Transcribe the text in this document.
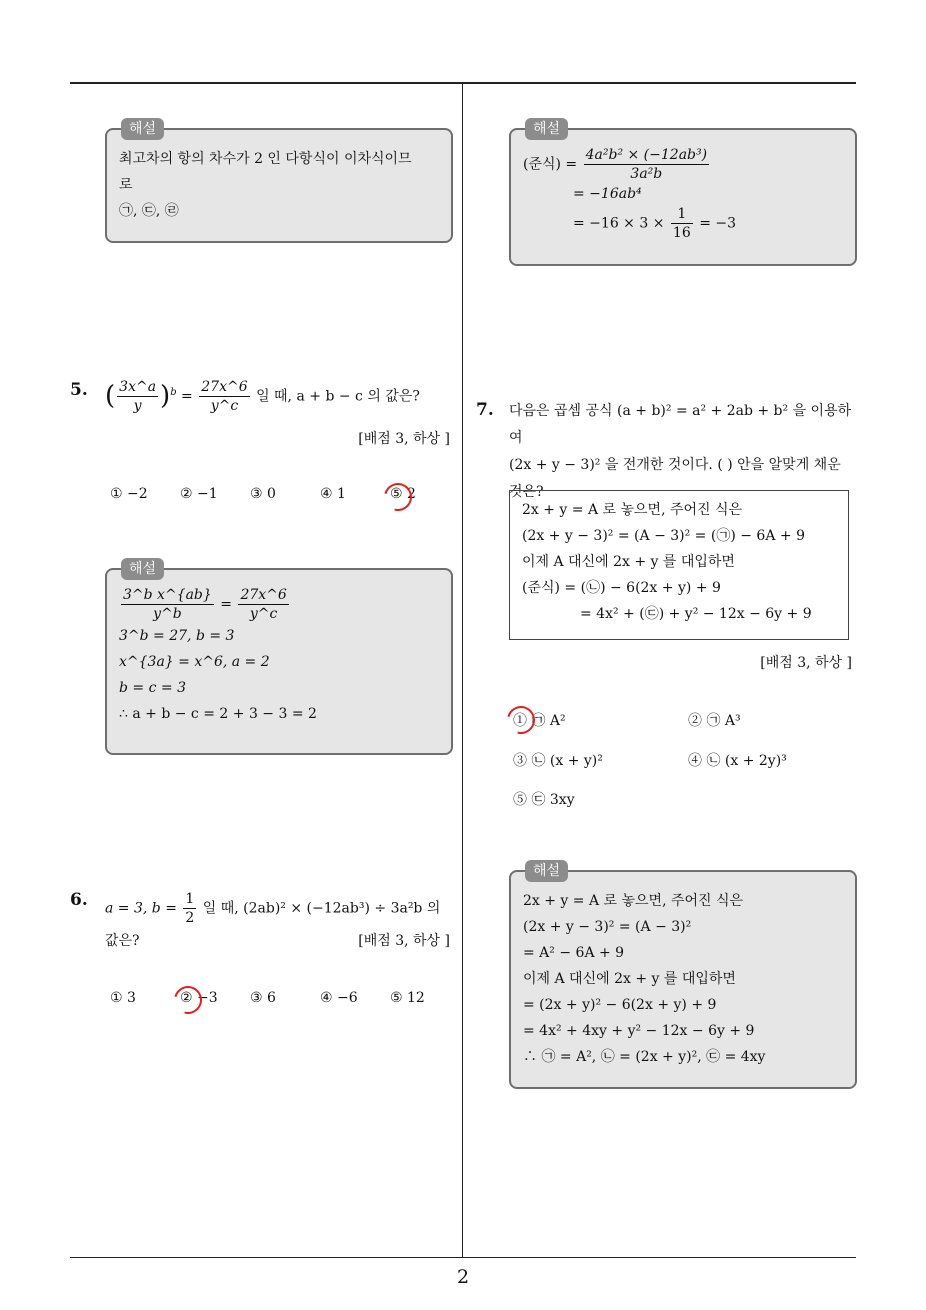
2
해설
최고차의 항의 차수가 2 인 다항식이 이차식이므
로
㉠, ㉢, ㉣
5. ( $\frac{3x\^{}a}{y} )^b = \frac{27x\^{}6}{y\^{}c}$ 일 때, a + b − c 의 값은?
[배점 3, 하상 ]
① −2 ② −1 ③ 0	④ 1	⑤ 2
해설
$\frac{\text{3\textasciicircum{}b x\textasciicircum{}\{ab\}}}{y\^{}b} = \frac{27x\^{}6}{y\^{}c}$
3^b = 27, b = 3
x^{3a} = x^6, a = 2
b = c = 3
∴ a + b − c = 2 + 3 − 3 = 2
6. a = 3, $b = \frac{1}{2}$ 일 때, (2ab)² × (−12ab³) ÷ 3a²b 의
값은?	[배점 3, 하상 ]
① 3	② −3 ③ 6	④ −6 ⑤ 12
해설
(준식) = $\frac{\text{4a²b² × (−12ab³)}}{\text{3a²b}}$
= −16ab⁴
= $-16 \times 3 \times \frac{1}{16} = -3$
7. 다음은 곱셈 공식 (a + b)² = a² + 2ab + b² 을 이용하여
(2x + y − 3)² 을 전개한 것이다. ( ) 안을 알맞게 채운
것은?
2x + y = A 로 놓으면, 주어진 식은
(2x + y − 3)² = (A − 3)² = (㉠) − 6A + 9
이제 A 대신에 2x + y 를 대입하면
(준식) = (㉡) − 6(2x + y) + 9
= 4x² + (㉢) + y² − 12x − 6y + 9
[배점 3, 하상 ]
① ㉠ A²	② ㉠ A³
③ ㉡ (x + y)²	④ ㉡ (x + 2y)³
⑤ ㉢ 3xy
해설
2x + y = A 로 놓으면, 주어진 식은
(2x + y − 3)² = (A − 3)²
= A² − 6A + 9
이제 A 대신에 2x + y 를 대입하면
= (2x + y)² − 6(2x + y) + 9
= 4x² + 4xy + y² − 12x − 6y + 9
∴ ㉠ = A², ㉡ = (2x + y)², ㉢ = 4xy
